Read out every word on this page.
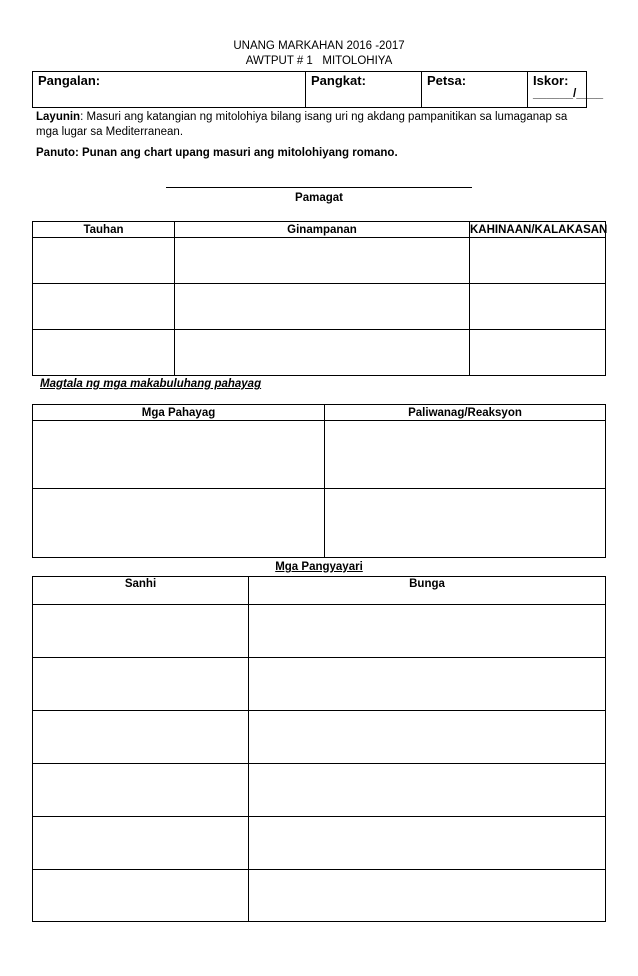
UNANG MARKAHAN 2016 -2017
AWTPUT # 1   MITOLOHIYA
Pangalan:	Pangkat:	Petsa:	Iskor:
______/____
Layunin: Masuri ang katangian ng mitolohiya bilang isang uri ng akdang pampanitikan sa lumaganap sa mga lugar sa Mediterranean.
Panuto: Punan ang chart upang masuri ang mitolohiyang romano.
Pamagat
Tauhan	Ginampanan	KAHINAAN/KALAKASAN

Magtala ng mga makabuluhang pahayag
Mga Pahayag	Paliwanag/Reaksyon

Mga Pangyayari
Sanhi	Bunga
